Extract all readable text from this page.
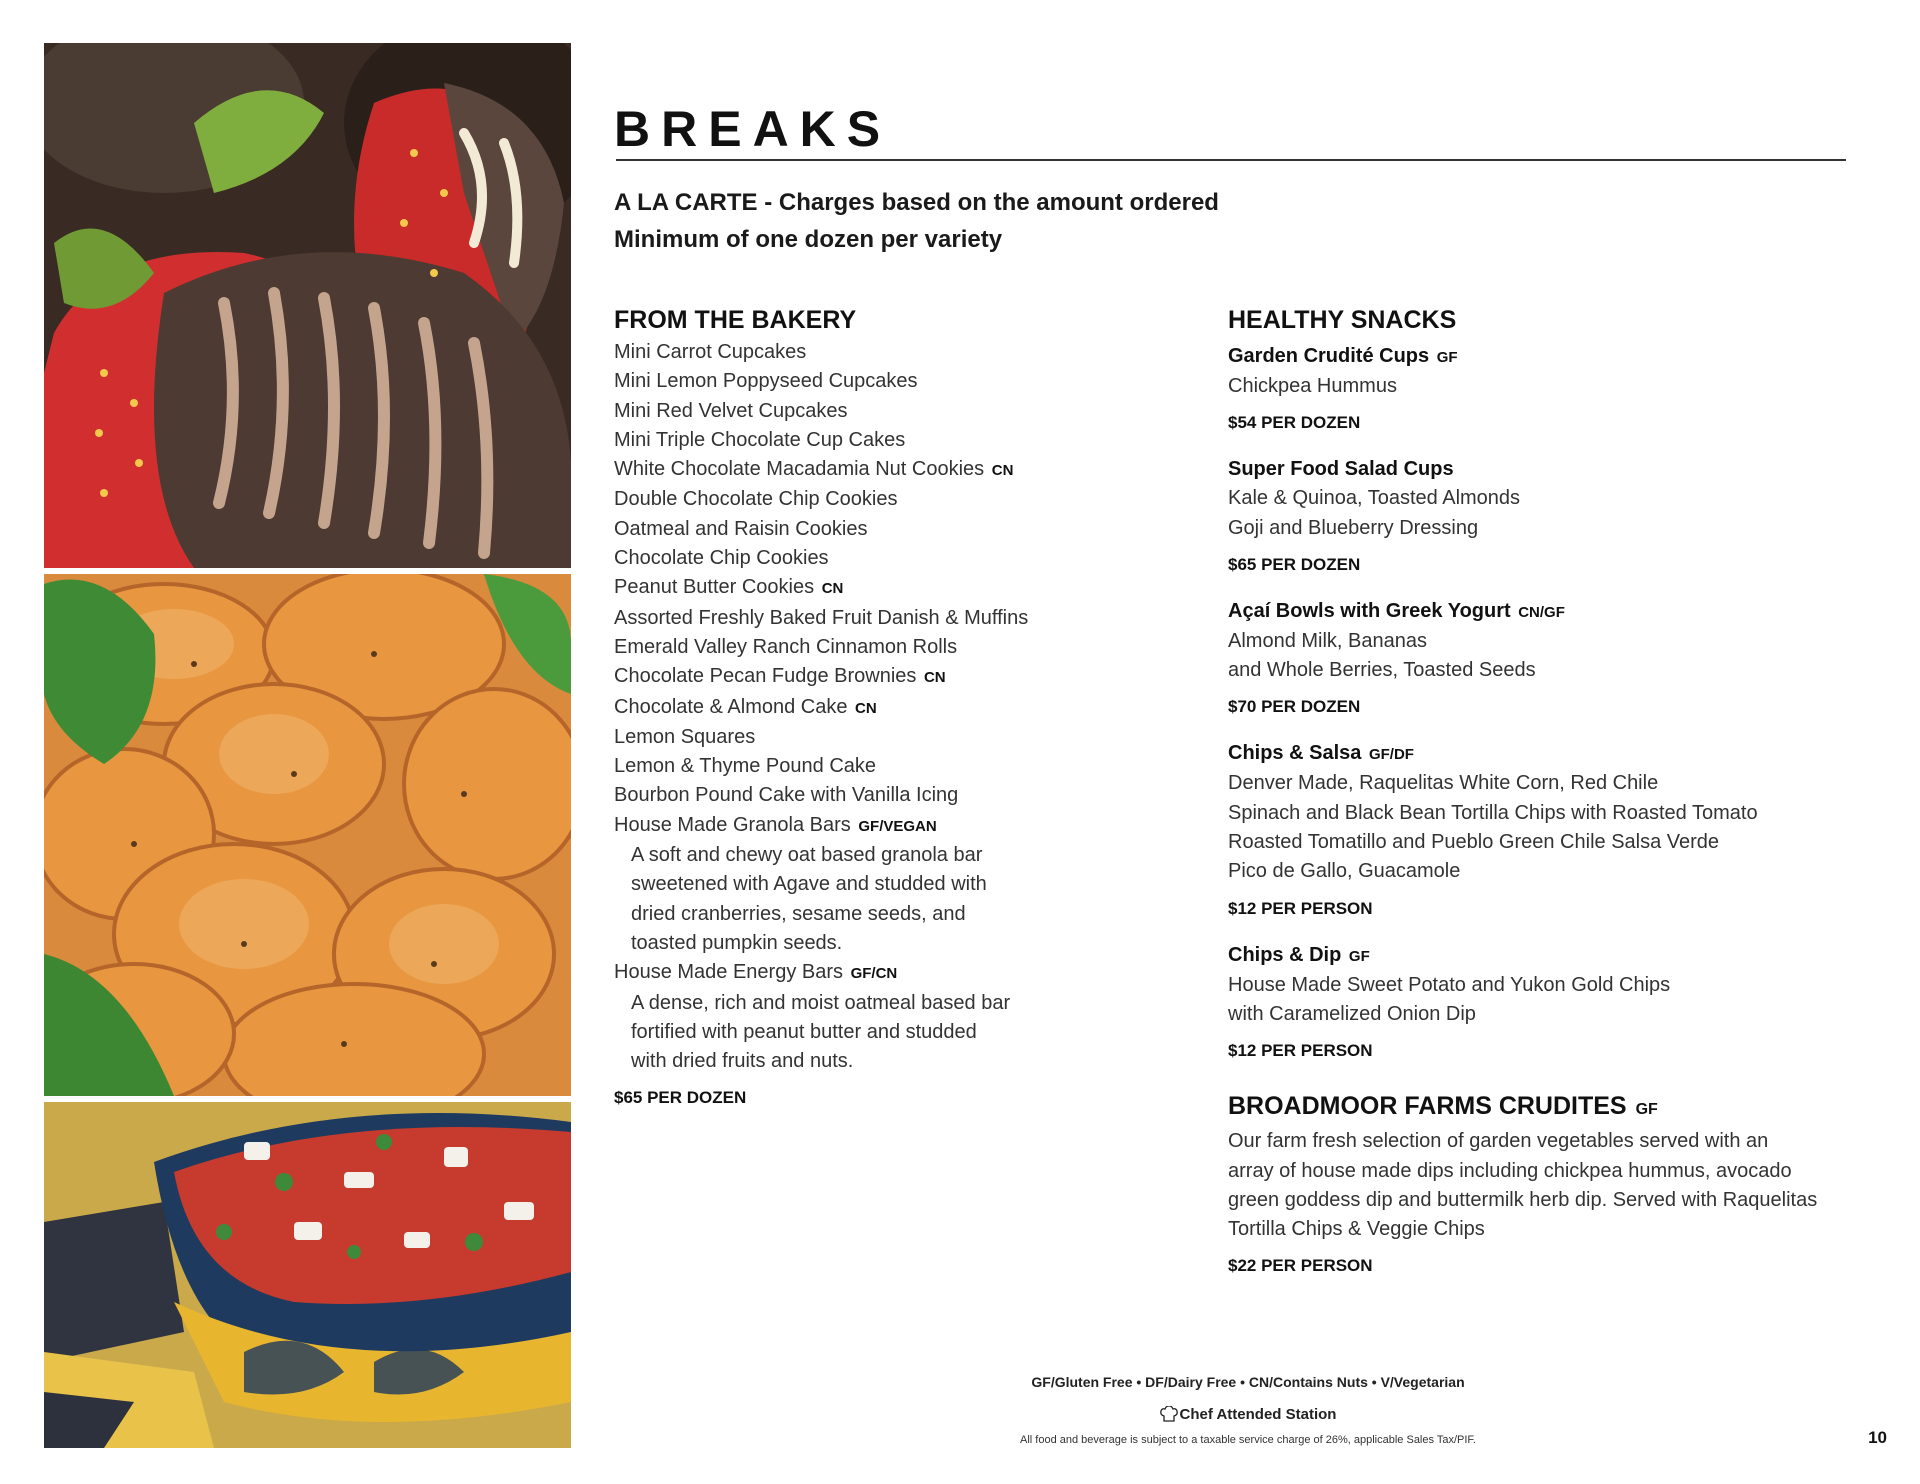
BREAKS
A LA CARTE - Charges based on the amount ordered
Minimum of one dozen per variety
FROM THE BAKERY
Mini Carrot Cupcakes
Mini Lemon Poppyseed Cupcakes
Mini Red Velvet Cupcakes
Mini Triple Chocolate Cup Cakes
White Chocolate Macadamia Nut Cookies CN
Double Chocolate Chip Cookies
Oatmeal and Raisin Cookies
Chocolate Chip Cookies
Peanut Butter Cookies CN
Assorted Freshly Baked Fruit Danish & Muffins
Emerald Valley Ranch Cinnamon Rolls
Chocolate Pecan Fudge Brownies CN
Chocolate & Almond Cake CN
Lemon Squares
Lemon & Thyme Pound Cake
Bourbon Pound Cake with Vanilla Icing
House Made Granola Bars GF/VEGAN
A soft and chewy oat based granola bar
sweetened with Agave and studded with
dried cranberries, sesame seeds, and
toasted pumpkin seeds.
House Made Energy Bars GF/CN
A dense, rich and moist oatmeal based bar
fortified with peanut butter and studded
with dried fruits and nuts.
$65 PER DOZEN
HEALTHY SNACKS
Garden Crudité Cups GF
Chickpea Hummus
$54 PER DOZEN
Super Food Salad Cups
Kale & Quinoa, Toasted Almonds
Goji and Blueberry Dressing
$65 PER DOZEN
Açaí Bowls with Greek Yogurt CN/GF
Almond Milk, Bananas
and Whole Berries, Toasted Seeds
$70 PER DOZEN
Chips & Salsa GF/DF
Denver Made, Raquelitas White Corn, Red Chile
Spinach and Black Bean Tortilla Chips with Roasted Tomato
Roasted Tomatillo and Pueblo Green Chile Salsa Verde
Pico de Gallo, Guacamole
$12 PER PERSON
Chips & Dip GF
House Made Sweet Potato and Yukon Gold Chips
with Caramelized Onion Dip
$12 PER PERSON
BROADMOOR FARMS CRUDITES GF
Our farm fresh selection of garden vegetables served with an
array of house made dips including chickpea hummus, avocado
green goddess dip and buttermilk herb dip. Served with Raquelitas
Tortilla Chips & Veggie Chips
$22 PER PERSON
GF/Gluten Free • DF/Dairy Free • CN/Contains Nuts • V/Vegetarian
Chef Attended Station
All food and beverage is subject to a taxable service charge of 26%, applicable Sales Tax/PIF.	10
